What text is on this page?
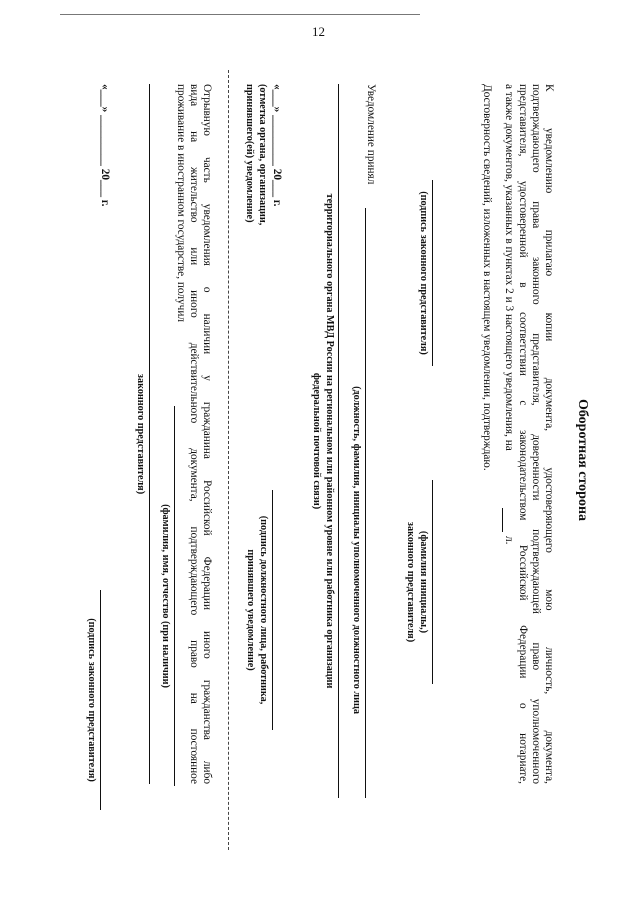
12
Оборотная сторона
К уведомлению прилагаю копии документа, удостоверяющего мою личность, документа,
подтверждающего права законного представителя, доверенности подтверждающей право уполномоченного
представителя, удостоверенной в соответствии с законодательством Российской Федерации о нотариате,
а также документов, указанных в пунктах 2 и 3 настоящего уведомления, на
л.
Достоверность сведений, изложенных в настоящем уведомлении, подтверждаю.
(подпись законного представителя)
(фамилия инициалы,)
законного представителя)
Уведомление принял
(должность, фамилия, инициалы уполномоченного должностного лица
территориального органа МВД России на региональном или районном уровне или работника организации
федеральной почтовой связи)
«___» _________ 20___ г.
(отметка органа, организации,
принявшего(ей) уведомление)
(подпись должностного лица, работника,
принявшего уведомление)
Отрывную часть уведомления о наличии у гражданина Российской Федерации иного гражданства либо
вида на жительство или иного действительного документа, подтверждающего право на постоянное
проживание в иностранном государстве, получил
(фамилия, имя, отчество (при наличии)
законного представителя)
«___» _________ 20___ г.
(подпись законного представителя)
